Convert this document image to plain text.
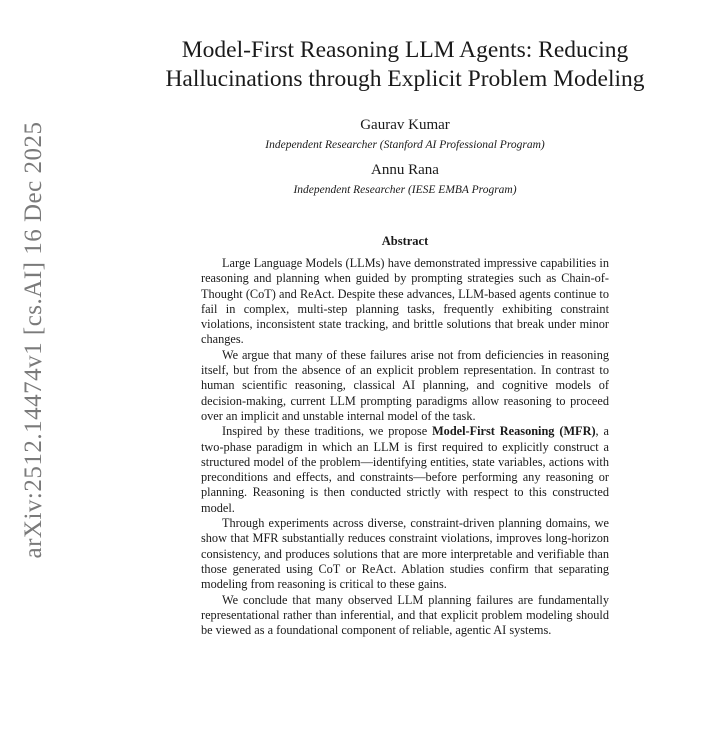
arXiv:2512.14474v1 [cs.AI] 16 Dec 2025
Model-First Reasoning LLM Agents: Reducing
Hallucinations through Explicit Problem Modeling
Gaurav Kumar
Independent Researcher (Stanford AI Professional Program)
Annu Rana
Independent Researcher (IESE EMBA Program)
Abstract

Large Language Models (LLMs) have demonstrated impressive capabilities in reasoning and planning when guided by prompting strategies such as Chain-of-Thought (CoT) and ReAct. Despite these advances, LLM-based agents continue to fail in complex, multi-step planning tasks, frequently exhibiting constraint violations, inconsistent state tracking, and brittle solutions that break under minor changes.

We argue that many of these failures arise not from deficiencies in reasoning itself, but from the absence of an explicit problem representation. In contrast to human scientific reasoning, classical AI planning, and cognitive models of decision-making, current LLM prompting paradigms allow reasoning to proceed over an implicit and unstable internal model of the task.

Inspired by these traditions, we propose Model-First Reasoning (MFR), a two-phase paradigm in which an LLM is first required to explicitly construct a structured model of the problem—identifying entities, state variables, actions with preconditions and effects, and constraints—before performing any reasoning or planning. Reasoning is then conducted strictly with respect to this constructed model.

Through experiments across diverse, constraint-driven planning domains, we show that MFR substantially reduces constraint violations, improves long-horizon consistency, and produces solutions that are more interpretable and verifiable than those generated using CoT or ReAct. Ablation studies confirm that separating modeling from reasoning is critical to these gains.

We conclude that many observed LLM planning failures are fundamentally representational rather than inferential, and that explicit problem modeling should be viewed as a foundational component of reliable, agentic AI systems.
